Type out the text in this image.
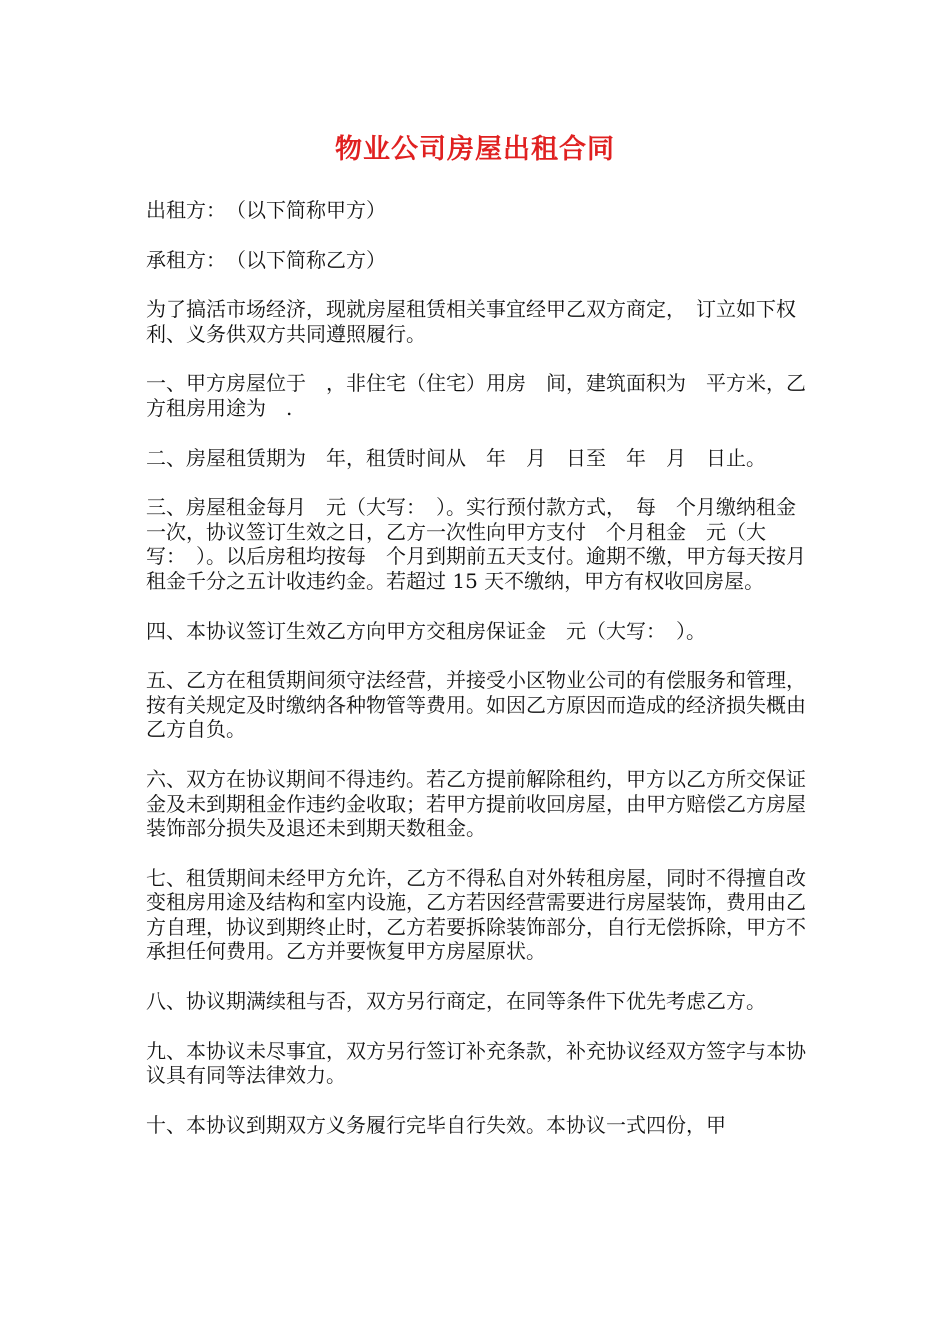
物业公司房屋出租合同

出租方：　（以下简称甲方）

承租方：　（以下简称乙方）

为了搞活市场经济，现就房屋租赁相关事宜经甲乙双方商定，　订立如下权利、义务供双方共同遵照履行。

一、甲方房屋位于　，非住宅（住宅）用房　间，建筑面积为　平方米，乙方租房用途为　.

二、房屋租赁期为　年，租赁时间从　年　月　日至　年　月　日止。

三、房屋租金每月　元（大写：　）。实行预付款方式，　每　个月缴纳租金一次，协议签订生效之日，乙方一次性向甲方支付　个月租金　元（大写：　）。以后房租均按每　个月到期前五天支付。逾期不缴，甲方每天按月租金千分之五计收违约金。若超过 15 天不缴纳，甲方有权收回房屋。

四、本协议签订生效乙方向甲方交租房保证金　元（大写：　）。

五、乙方在租赁期间须守法经营，并接受小区物业公司的有偿服务和管理，按有关规定及时缴纳各种物管等费用。如因乙方原因而造成的经济损失概由乙方自负。

六、双方在协议期间不得违约。若乙方提前解除租约，甲方以乙方所交保证金及未到期租金作违约金收取；若甲方提前收回房屋，由甲方赔偿乙方房屋装饰部分损失及退还未到期天数租金。

七、租赁期间未经甲方允许，乙方不得私自对外转租房屋，同时不得擅自改变租房用途及结构和室内设施，乙方若因经营需要进行房屋装饰，费用由乙方自理，协议到期终止时，乙方若要拆除装饰部分，自行无偿拆除，甲方不承担任何费用。乙方并要恢复甲方房屋原状。

八、协议期满续租与否，双方另行商定，在同等条件下优先考虑乙方。

九、本协议未尽事宜，双方另行签订补充条款，补充协议经双方签字与本协议具有同等法律效力。

十、本协议到期双方义务履行完毕自行失效。本协议一式四份，甲
